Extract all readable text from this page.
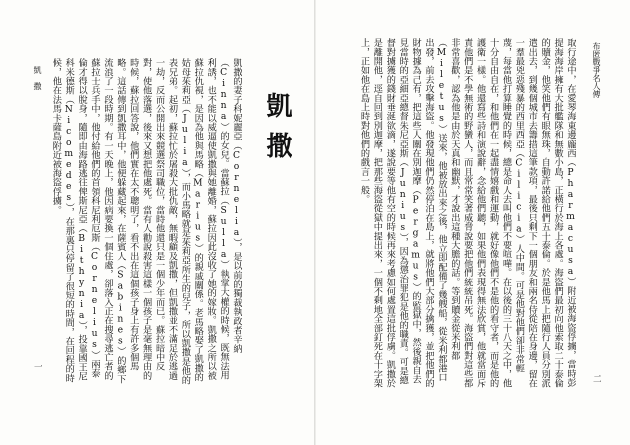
布匿戰爭名人傳
二
取行途中，在愛琴海東邊龐西（Pharmacusa）附近被海盜俘擄，當時彭提海海岸擁有大批艦隊和無數小島，正橫行於海上各處。海盜們最初向他索取二十泰倫的贖金，他笑他們有眼無珠，自動許諾給他們五十泰倫。於是他馬上把隨行人員分別派遣出去，到幾個城市去籌措這筆款項，最後只剩下一個朋友和兩名侍從陪在身邊，留在一羣最兇惡殘暴的西里西亞（Cilicia）人中間。可是他對他們卻非常輕蔑，每當他打算睡覺的時候，總是命人去叫他們不要喧嘩。在以後的三十八天之中，他十分自由自在，和他們在一起盡情嬉戲和運動，就好像他們不是他的看守者，而是他的護衛一樣。他還寫些詩和演說辭，念給他們聽，如果他們表現得無法欣賞，他就當面斥責他們是不學無術的野蠻人，而且常常笑著威脅說要把他們統統吊死。海盜們對這些都非常喜歡，認為他是由於天真和幽默，才說出這種大膽的話。等到贖金從米利都（Miletus）送來，他被放出來之後，他立即配備了幾艘船，從米利都港口出發，前去攻擊海盜。他發現他們仍然停泊在島上，就將他們大部分擒獲，並把他們的財物據為己有，把這些人關在別迦摩（Pergamus）的監獄中，然後親自去見當時的亞細亞總督朱尼亞斯（Junius），因為懲治罪犯是他的職責。可是總督對擄獲的錢財垂涎欲滴，遂說要等他有空的時候再來考慮如何處置這批俘虜。凱撒於是離開他，逕自回到別迦摩，把那些海盜從獄中提出來，一個不剩地全部釘死在十字架上，正如他在島上時對他們的戲言一般。
凱撒
凱撒的妻子科妮麗亞（Cornelia），是以前的獨裁執政者辛納（Cinna）的女兒。當蘇拉（Sulla）執掌大權的時候，既無法用利誘，也不能以威逼使凱撒與她離婚，蘇拉因此沒收了她的嫁妝。凱撒之所以被蘇拉仇視，是因為他與馬略（Marius）的親戚關係。老馬略娶了凱撒的姑母茱莉亞（Julia），而小馬略就是茱莉亞所生的兒子，所以凱撒是他的表兄弟。起初，蘇拉忙於屠殺大批仇敵，無暇顧及凱撒，但凱撒並不滿足於逃過一劫，反而公開出來競選祭司職位，當時他還只是一個少年而已。蘇拉暗中反對，使他落選，後來又想把他處死。當有人勸說殺害這樣一個孩子是毫無理由的時候，蘇拉回答說，他們實在太不聰明了，看不出在這個孩子身上有許多個馬略。這話傳到凱撒耳中，他便躲藏起來，在薩賓人（Sabines）的鄉下流浪了一段時期。有一天晚上，他因病要換一個住處，卻落入正在搜尋逃亡者的蘇拉士兵手中，他付給他們的首領科尼利厄斯（Cornelius）兩泰倫才得以脫身，隨即由海路逃往俾斯尼亞（Bithynia），投靠國王尼科米德斯（Nicomedes），在那裏只停留了很短的時間，在回程的時候，他在法馬卡薩島附近被海盜俘擄。
凱　撒
一
